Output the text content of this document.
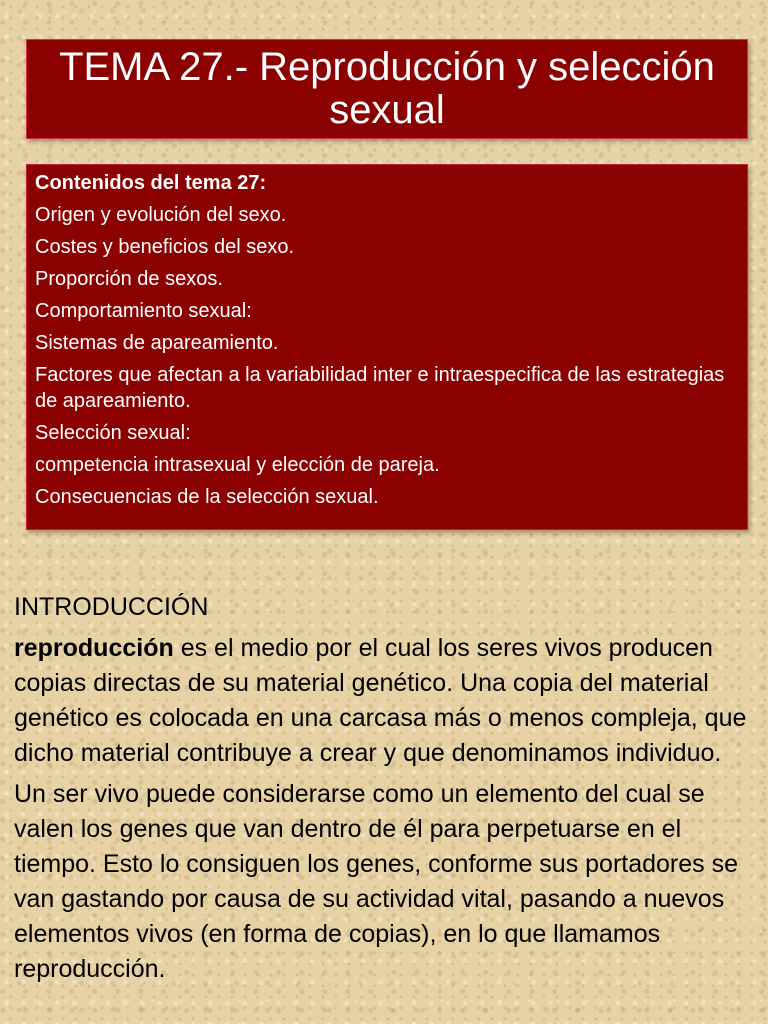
TEMA 27.- Reproducción y selección sexual
Contenidos del tema 27:
Origen y evolución del sexo.
Costes y beneficios del sexo.
Proporción de sexos.
Comportamiento sexual:
Sistemas de apareamiento.
Factores que afectan a la variabilidad inter e intraespecifica de las estrategias de apareamiento.
Selección sexual:
competencia intrasexual y elección de pareja.
Consecuencias de la selección sexual.
INTRODUCCIÓN

reproducción es el medio por el cual los seres vivos producen copias directas de su material genético. Una copia del material genético es colocada en una carcasa más o menos compleja, que dicho material contribuye a crear y que denominamos individuo.

Un ser vivo puede considerarse como un elemento del cual se valen los genes que van dentro de él para perpetuarse en el tiempo. Esto lo consiguen los genes, conforme sus portadores se van gastando por causa de su actividad vital, pasando a nuevos elementos vivos (en forma de copias), en lo que llamamos reproducción.
